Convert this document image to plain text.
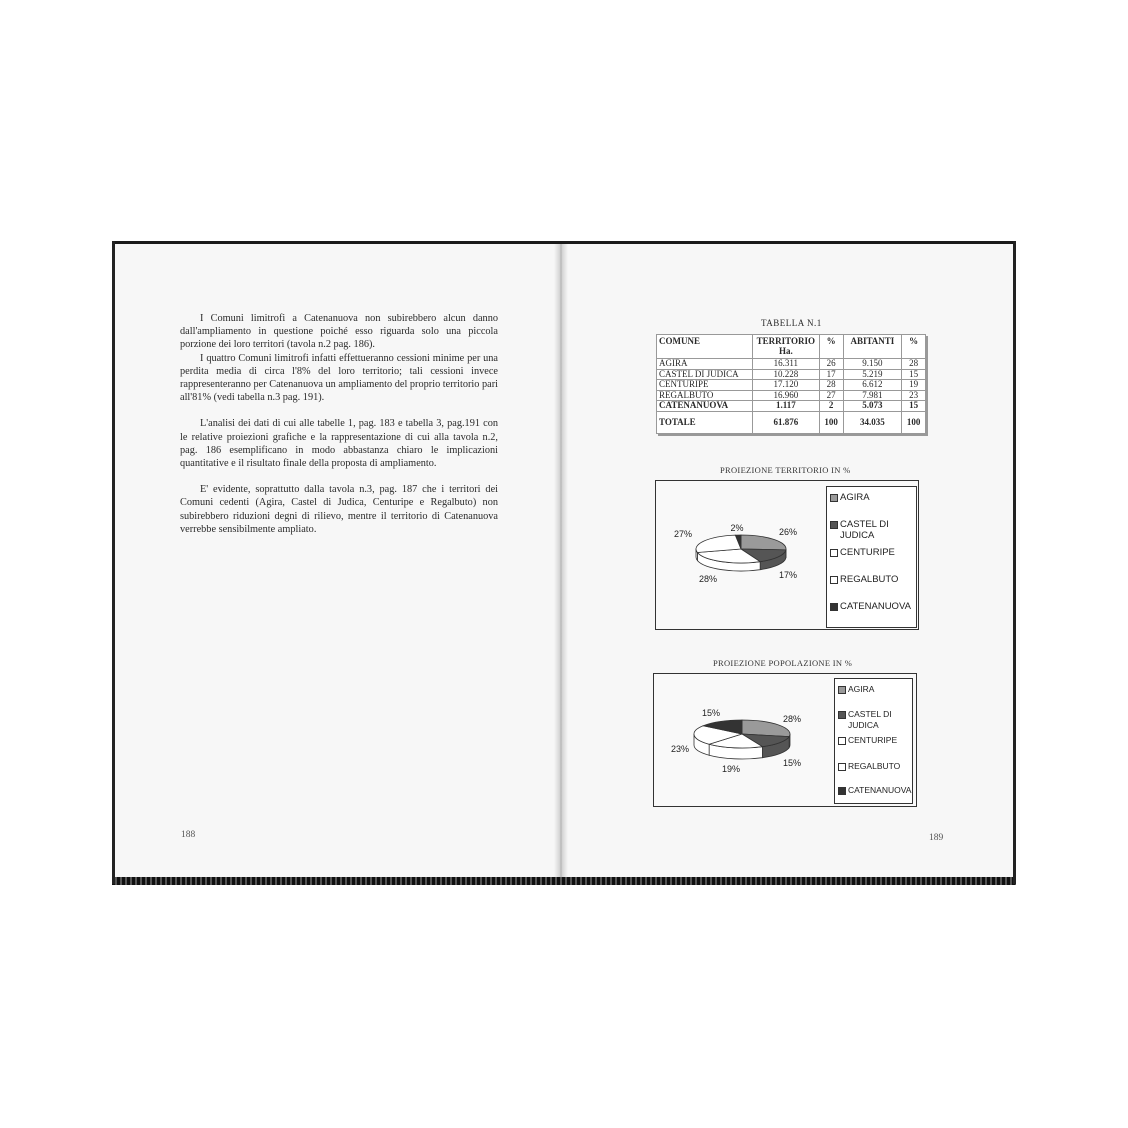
I Comuni limitrofi a Catenanuova non subirebbero alcun danno dall'ampliamento in questione poiché esso riguarda solo una piccola porzione dei loro territori (tavola n.2 pag. 186).

I quattro Comuni limitrofi infatti effettueranno cessioni minime per una perdita media di circa l'8% del loro territorio; tali cessioni invece rappresenteranno per Catenanuova un ampliamento del proprio territorio pari all'81% (vedi tabella n.3 pag. 191).

L'analisi dei dati di cui alle tabelle 1, pag. 183 e tabella 3, pag.191 con le relative proiezioni grafiche e la rappresentazione di cui alla tavola n.2, pag. 186 esemplificano in modo abbastanza chiaro le implicazioni quantitative e il risultato finale della proposta di ampliamento.

E' evidente, soprattutto dalla tavola n.3, pag. 187 che i territori dei Comuni cedenti (Agira, Castel di Judica, Centuripe e Regalbuto) non subirebbero riduzioni degni di rilievo, mentre il territorio di Catenanuova verrebbe sensibilmente ampliato.

188
TABELLA N.1
COMUNE	TERRITORIO Ha.	%	ABITANTI	%
AGIRA	16.311	26	9.150	28
CASTEL DI JUDICA	10.228	17	5.219	15
CENTURIPE	17.120	28	6.612	19
REGALBUTO	16.960	27	7.981	23
CATENANUOVA	1.117	2	5.073	15
TOTALE	61.876	100	34.035	100
PROIEZIONE TERRITORIO IN %
26%
17%
28%
27%
2%
AGIRA
CASTEL DI JUDICA
CENTURIPE
REGALBUTO
CATENANUOVA
PROIEZIONE POPOLAZIONE IN %
28%
15%
19%
23%
15%
AGIRA
CASTEL DI JUDICA
CENTURIPE
REGALBUTO
CATENANUOVA
189
